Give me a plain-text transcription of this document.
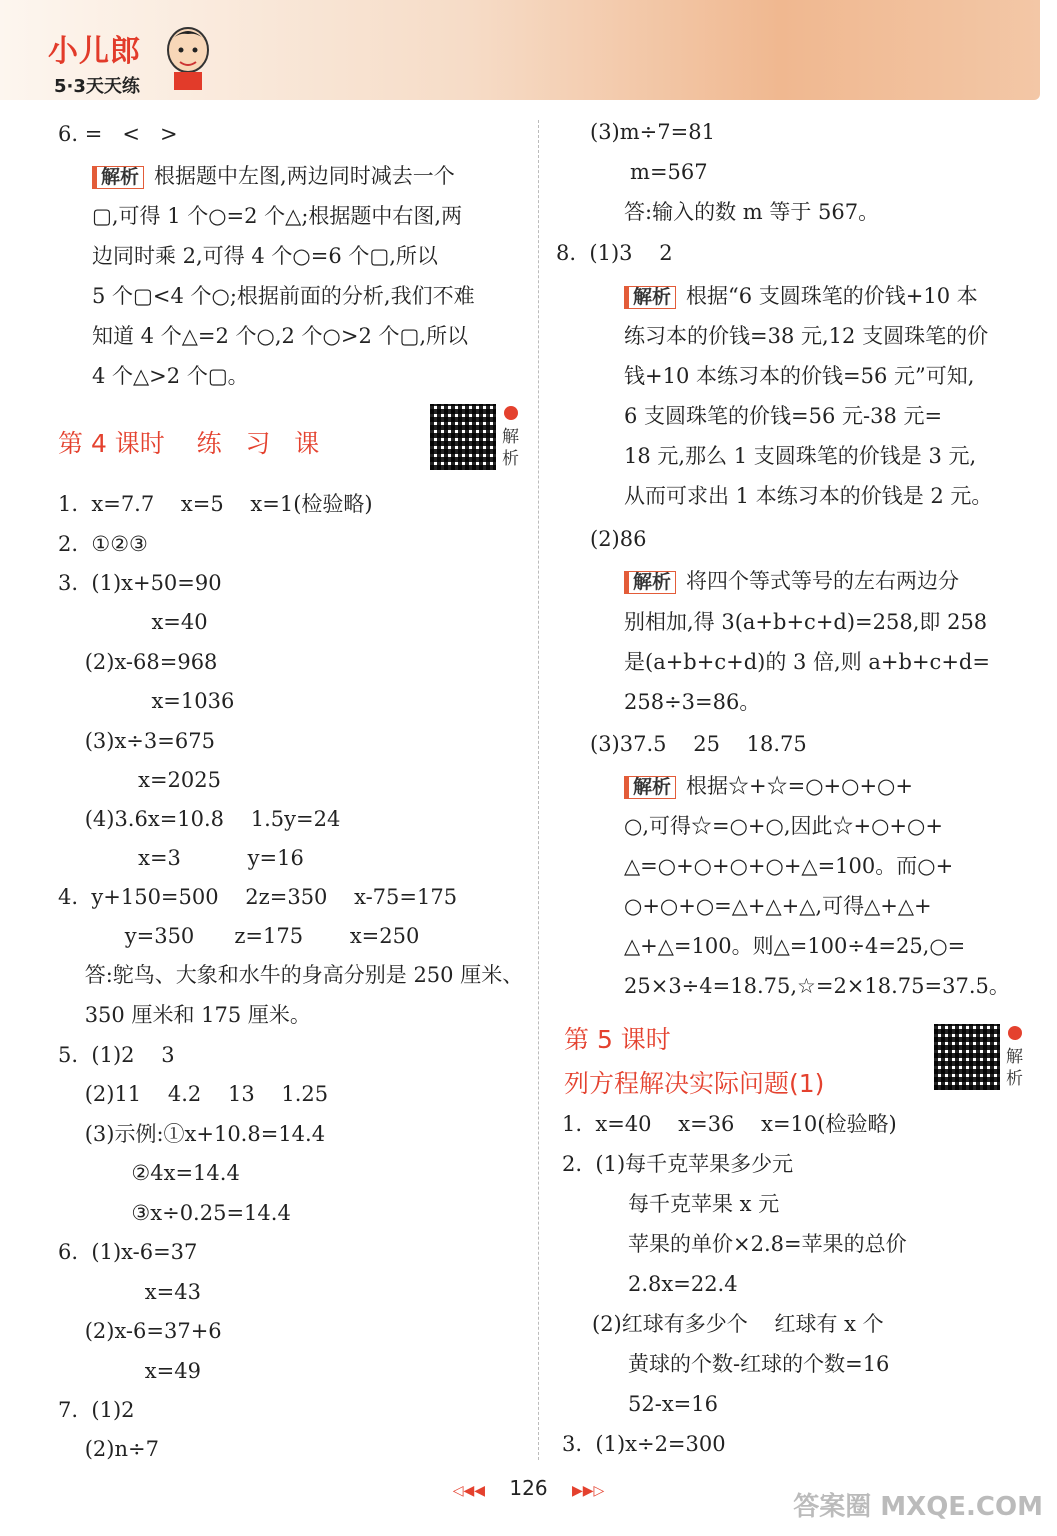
小儿郎
5·3天天练
6. =   <   >
解析 根据题中左图,两边同时减去一个
▢,可得 1 个○=2 个△;根据题中右图,两
边同时乘 2,可得 4 个○=6 个▢,所以
5 个▢<4 个○;根据前面的分析,我们不难
知道 4 个△=2 个○,2 个○>2 个▢,所以
4 个△>2 个▢。
1.  x=7.7    x=5    x=1(检验略)
2.  ①②③
3.  (1)x+50=90
x=40
(2)x-68=968
x=1036
(3)x÷3=675
x=2025
(4)3.6x=10.8    1.5y=24
x=3          y=16
4.  y+150=500    2z=350    x-75=175
y=350      z=175       x=250
答:鸵鸟、大象和水牛的身高分别是 250 厘米、
350 厘米和 175 厘米。
5.  (1)2    3
(2)11    4.2    13    1.25
(3)示例:①x+10.8=14.4
②4x=14.4
③x÷0.25=14.4
6.  (1)x-6=37
x=43
(2)x-6=37+6
x=49
7.  (1)2
(2)n÷7
(3)m÷7=81
m=567
答:输入的数 m 等于 567。
8.  (1)3    2
解析 根据“6 支圆珠笔的价钱+10 本
练习本的价钱=38 元,12 支圆珠笔的价
钱+10 本练习本的价钱=56 元”可知,
6 支圆珠笔的价钱=56 元-38 元=
18 元,那么 1 支圆珠笔的价钱是 3 元,
从而可求出 1 本练习本的价钱是 2 元。
(2)86
解析 将四个等式等号的左右两边分
别相加,得 3(a+b+c+d)=258,即 258
是(a+b+c+d)的 3 倍,则 a+b+c+d=
258÷3=86。
(3)37.5    25    18.75
解析 根据☆+☆=○+○+○+
○,可得☆=○+○,因此☆+○+○+
△=○+○+○+○+△=100。而○+
○+○+○=△+△+△,可得△+△+
△+△=100。则△=100÷4=25,○=
25×3÷4=18.75,☆=2×18.75=37.5。
1.  x=40    x=36    x=10(检验略)
2.  (1)每千克苹果多少元
每千克苹果 x 元
苹果的单价×2.8=苹果的总价
2.8x=22.4
(2)红球有多少个    红球有 x 个
黄球的个数-红球的个数=16
52-x=16
3.  (1)x÷2=300
第 4 课时    练   习   课	解析
第 5 课时
列方程解决实际问题(1)
解析
◁◀◀ 126 ▶▶▷
答案圈 MXQE.COM
